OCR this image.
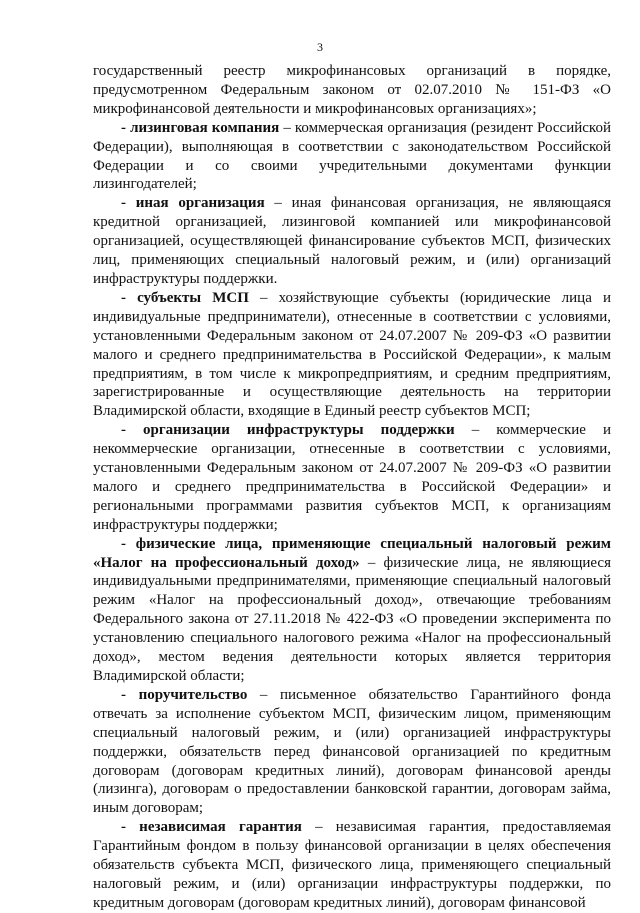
3

государственный реестр микрофинансовых организаций в порядке, предусмотренном Федеральным законом от 02.07.2010 № 151-ФЗ «О микрофинансовой деятельности и микрофинансовых организациях»;

- лизинговая компания – коммерческая организация (резидент Российской Федерации), выполняющая в соответствии с законодательством Российской Федерации и со своими учредительными документами функции лизингодателей;

- иная организация – иная финансовая организация, не являющаяся кредитной организацией, лизинговой компанией или микрофинансовой организацией, осуществляющей финансирование субъектов МСП, физических лиц, применяющих специальный налоговый режим, и (или) организаций инфраструктуры поддержки.

- субъекты МСП – хозяйствующие субъекты (юридические лица и индивидуальные предприниматели), отнесенные в соответствии с условиями, установленными Федеральным законом от 24.07.2007 № 209-ФЗ «О развитии малого и среднего предпринимательства в Российской Федерации», к малым предприятиям, в том числе к микропредприятиям, и средним предприятиям, зарегистрированные и осуществляющие деятельность на территории Владимирской области, входящие в Единый реестр субъектов МСП;

- организации инфраструктуры поддержки – коммерческие и некоммерческие организации, отнесенные в соответствии с условиями, установленными Федеральным законом от 24.07.2007 № 209-ФЗ «О развитии малого и среднего предпринимательства в Российской Федерации» и региональными программами развития субъектов МСП, к организациям инфраструктуры поддержки;

- физические лица, применяющие специальный налоговый режим «Налог на профессиональный доход» – физические лица, не являющиеся индивидуальными предпринимателями, применяющие специальный налоговый режим «Налог на профессиональный доход», отвечающие требованиям Федерального закона от 27.11.2018 № 422-ФЗ «О проведении эксперимента по установлению специального налогового режима «Налог на профессиональный доход», местом ведения деятельности которых является территория Владимирской области;

- поручительство – письменное обязательство Гарантийного фонда отвечать за исполнение субъектом МСП, физическим лицом, применяющим специальный налоговый режим, и (или) организацией инфраструктуры поддержки, обязательств перед финансовой организацией по кредитным договорам (договорам кредитных линий), договорам финансовой аренды (лизинга), договорам о предоставлении банковской гарантии, договорам займа, иным договорам;

- независимая гарантия – независимая гарантия, предоставляемая Гарантийным фондом в пользу финансовой организации в целях обеспечения обязательств субъекта МСП, физического лица, применяющего специальный налоговый режим, и (или) организации инфраструктуры поддержки, по кредитным договорам (договорам кредитных линий), договорам финансовой
